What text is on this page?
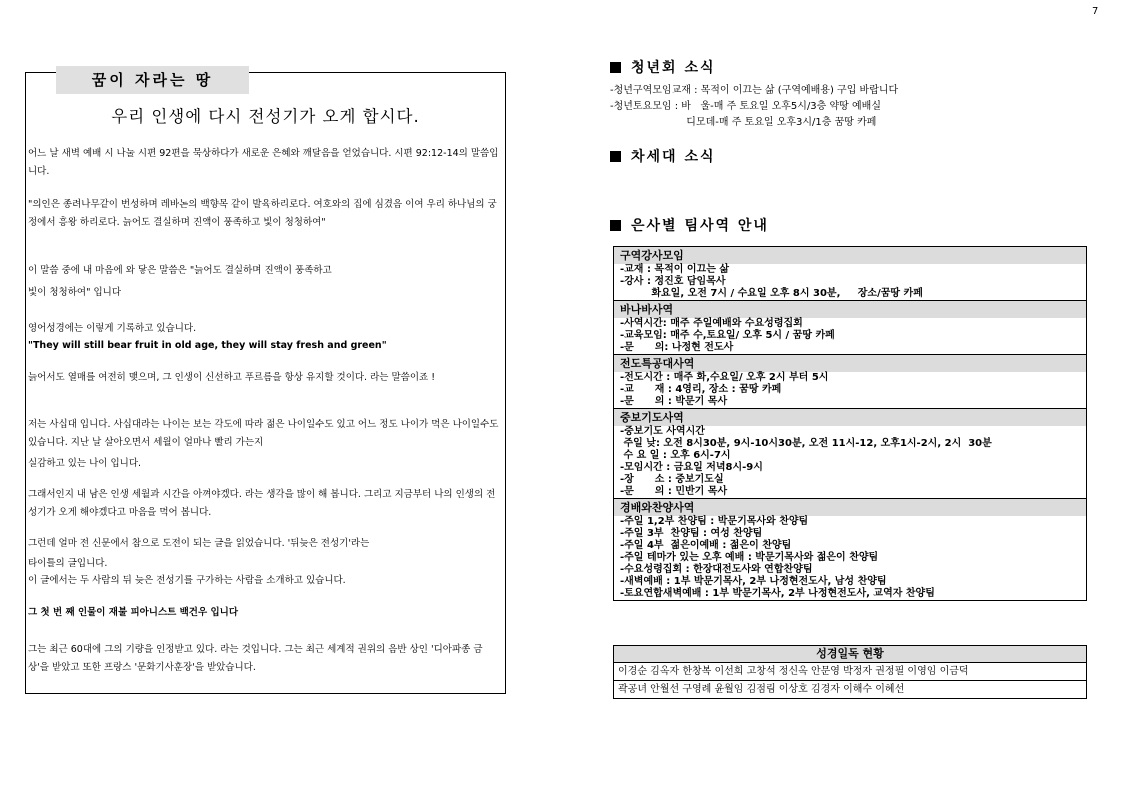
7
꿈이 자라는 땅
우리 인생에 다시 전성기가 오게 합시다.
어느 날 새벽 예배 시 나눌 시편 92편을 묵상하다가 새로운 은혜와 깨달음을 얻었습니다. 시편 92:12-14의 말씀입니다.
"의인은 종려나무같이 번성하며 레바논의 백향목 같이 발육하리로다. 여호와의 집에 심겼음 이여 우리 하나님의 궁정에서 흥왕 하리로다. 늙어도 결실하며 진액이 풍족하고 빛이 청청하여"
이 말씀 중에 내 마음에 와 닿은 말씀은 "늙어도 결실하며 진액이 풍족하고
빛이 청청하여" 입니다
영어성경에는 이렇게 기록하고 있습니다.
"They will still bear fruit in old age, they will stay fresh and green"
늙어서도 열매를 여전히 맺으며, 그 인생이 신선하고 푸르름을 항상 유지할 것이다. 라는 말씀이죠 !
저는 사십대 입니다. 사십대라는 나이는 보는 각도에 따라 젊은 나이일수도 있고 어느 정도 나이가 먹은 나이일수도 있습니다. 지난 날 살아오면서 세월이 얼마나 빨리 가는지
실감하고 있는 나이 입니다.
그래서인지 내 남은 인생 세월과 시간을 아껴야겠다. 라는 생각을 많이 해 봅니다. 그리고 지금부터 나의 인생의 전성기가 오게 해야겠다고 마음을 먹어 봅니다.
그런데 얼마 전 신문에서 참으로 도전이 되는 글을 읽었습니다. '뒤늦은 전성기'라는
타이틀의 글입니다.
이 글에서는 두 사람의 뒤 늦은 전성기를 구가하는 사람을 소개하고 있습니다.
그 첫 번 째 인물이 재불 피아니스트 백건우 입니다
그는 최근 60대에 그의 기량을 인정받고 있다. 라는 것입니다. 그는 최근 세계적 권위의 음반 상인 '디아파종 금상'을 받았고 또한 프랑스 '문화기사훈장'을 받았습니다.
청년회 소식
-청년구역모임교재 : 목적이 이끄는 삶 (구역예배용) 구입 바랍니다
-청년토요모임 : 바   울-매 주 토요일 오후5시/3층 약땅 예배실
디모데-매 주 토요일 오후3시/1층 꿈땅 카페
차세대 소식
은사별 팀사역 안내
구역강사모임
-교재 : 목적이 이끄는 삶
-강사 : 정진호 담임목사
화요일, 오전 7시 / 수요일 오후 8시 30분,     장소/꿈땅 카페
바나바사역
-사역시간: 매주 주일예배와 수요성령집회
-교육모임: 매주 수,토요일/ 오후 5시 / 꿈땅 카페
-문      의: 나정현 전도사
전도특공대사역
-전도시간 : 매주 화,수요일/ 오후 2시 부터 5시
-교      재 : 4영리, 장소 : 꿈땅 카페
-문      의 : 박문기 목사
중보기도사역
-중보기도 사역시간
주일 낮: 오전 8시30분, 9시-10시30분, 오전 11시-12, 오후1시-2시, 2시  30분
수 요 일 : 오후 6시-7시
-모임시간 : 금요일 저녁8시-9시
-장      소 : 중보기도실
-문      의 : 민반기 목사
경배와찬양사역
-주일 1,2부 찬양팀 : 박문기목사와 찬양팀
-주일 3부  찬양팀 : 여성 찬양팀
-주일 4부  젊은이예배 : 젊은이 찬양팀
-주일 테마가 있는 오후 예배 : 박문기목사와 젊은이 찬양팀
-수요성령집회 : 한장대전도사와 연합찬양팀
-새벽예배 : 1부 박문기목사, 2부 나정현전도사, 남성 찬양팀
-토요연합새벽예배 : 1부 박문기목사, 2부 나정현전도사, 교역자 찬양팀
성경일독 현황
이경순 김옥자 한창복 이선희 고창석 정신옥 안문영 박정자 권정필 이영임 이금덕
곽공녀 안월선 구영례 윤월임 김점림 이상호 김경자 이해수 이혜선
